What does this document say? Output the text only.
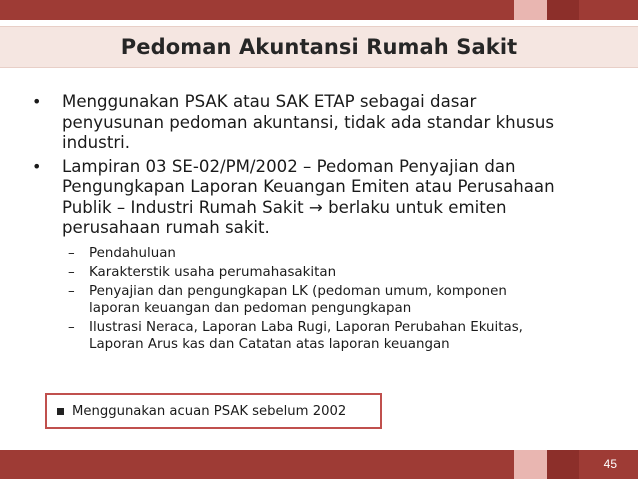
Pedoman Akuntansi Rumah Sakit
• Menggunakan PSAK atau SAK ETAP sebagai dasar
penyusunan pedoman akuntansi, tidak ada standar khusus
industri.
• Lampiran 03 SE-02/PM/2002 – Pedoman Penyajian dan
Pengungkapan Laporan Keuangan Emiten atau Perusahaan
Publik – Industri Rumah Sakit → berlaku untuk emiten
perusahaan rumah sakit.
– Pendahuluan
– Karakterstik usaha perumahasakitan
– Penyajian dan pengungkapan LK (pedoman umum, komponen
laporan keuangan dan pedoman pengungkapan
– Ilustrasi Neraca, Laporan Laba Rugi, Laporan Perubahan Ekuitas,
Laporan Arus kas dan Catatan atas laporan keuangan
Menggunakan acuan PSAK sebelum 2002
45
